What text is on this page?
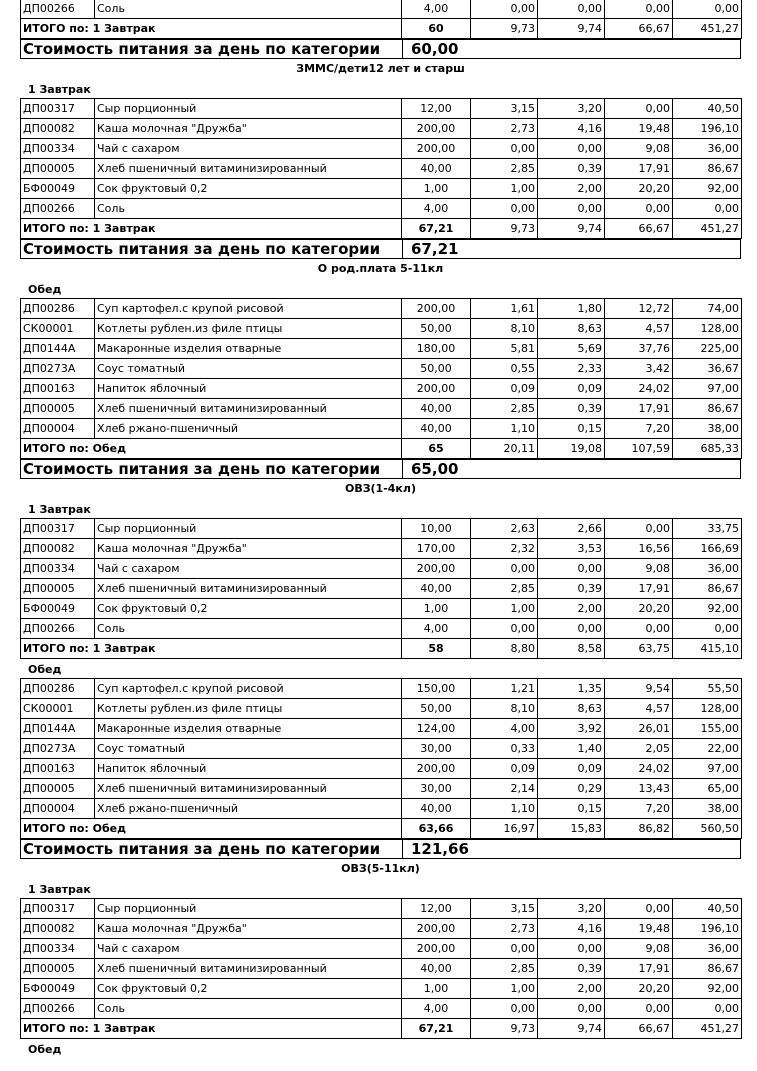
ДП00266	Соль	4,00	0,00	0,00	0,00	0,00
ИТОГО по: 1 Завтрак		60	9,73	9,74	66,67	451,27
Стоимость питания за день по категории	60,00
ЗММС/дети12 лет и старш
1 Завтрак
ДП00317	Сыр порционный	12,00	3,15	3,20	0,00	40,50
ДП00082	Каша молочная "Дружба"	200,00	2,73	4,16	19,48	196,10
ДП00334	Чай с сахаром	200,00	0,00	0,00	9,08	36,00
ДП00005	Хлеб пшеничный витаминизированный	40,00	2,85	0,39	17,91	86,67
БФ00049	Сок фруктовый 0,2	1,00	1,00	2,00	20,20	92,00
ДП00266	Соль	4,00	0,00	0,00	0,00	0,00
ИТОГО по: 1 Завтрак		67,21	9,73	9,74	66,67	451,27
Стоимость питания за день по категории	67,21
О род.плата 5-11кл
Обед
ДП00286	Суп картофел.с крупой рисовой	200,00	1,61	1,80	12,72	74,00
СК00001	Котлеты рублен.из филе птицы	50,00	8,10	8,63	4,57	128,00
ДП0144А	Макаронные изделия отварные	180,00	5,81	5,69	37,76	225,00
ДП0273А	Соус томатный	50,00	0,55	2,33	3,42	36,67
ДП00163	Напиток яблочный	200,00	0,09	0,09	24,02	97,00
ДП00005	Хлеб пшеничный витаминизированный	40,00	2,85	0,39	17,91	86,67
ДП00004	Хлеб ржано-пшеничный	40,00	1,10	0,15	7,20	38,00
ИТОГО по: Обед		65	20,11	19,08	107,59	685,33
Стоимость питания за день по категории	65,00
ОВЗ(1-4кл)
1 Завтрак
ДП00317	Сыр порционный	10,00	2,63	2,66	0,00	33,75
ДП00082	Каша молочная "Дружба"	170,00	2,32	3,53	16,56	166,69
ДП00334	Чай с сахаром	200,00	0,00	0,00	9,08	36,00
ДП00005	Хлеб пшеничный витаминизированный	40,00	2,85	0,39	17,91	86,67
БФ00049	Сок фруктовый 0,2	1,00	1,00	2,00	20,20	92,00
ДП00266	Соль	4,00	0,00	0,00	0,00	0,00
ИТОГО по: 1 Завтрак		58	8,80	8,58	63,75	415,10
Обед
ДП00286	Суп картофел.с крупой рисовой	150,00	1,21	1,35	9,54	55,50
СК00001	Котлеты рублен.из филе птицы	50,00	8,10	8,63	4,57	128,00
ДП0144А	Макаронные изделия отварные	124,00	4,00	3,92	26,01	155,00
ДП0273А	Соус томатный	30,00	0,33	1,40	2,05	22,00
ДП00163	Напиток яблочный	200,00	0,09	0,09	24,02	97,00
ДП00005	Хлеб пшеничный витаминизированный	30,00	2,14	0,29	13,43	65,00
ДП00004	Хлеб ржано-пшеничный	40,00	1,10	0,15	7,20	38,00
ИТОГО по: Обед		63,66	16,97	15,83	86,82	560,50
Стоимость питания за день по категории	121,66
ОВЗ(5-11кл)
1 Завтрак
ДП00317	Сыр порционный	12,00	3,15	3,20	0,00	40,50
ДП00082	Каша молочная "Дружба"	200,00	2,73	4,16	19,48	196,10
ДП00334	Чай с сахаром	200,00	0,00	0,00	9,08	36,00
ДП00005	Хлеб пшеничный витаминизированный	40,00	2,85	0,39	17,91	86,67
БФ00049	Сок фруктовый 0,2	1,00	1,00	2,00	20,20	92,00
ДП00266	Соль	4,00	0,00	0,00	0,00	0,00
ИТОГО по: 1 Завтрак		67,21	9,73	9,74	66,67	451,27
Обед
